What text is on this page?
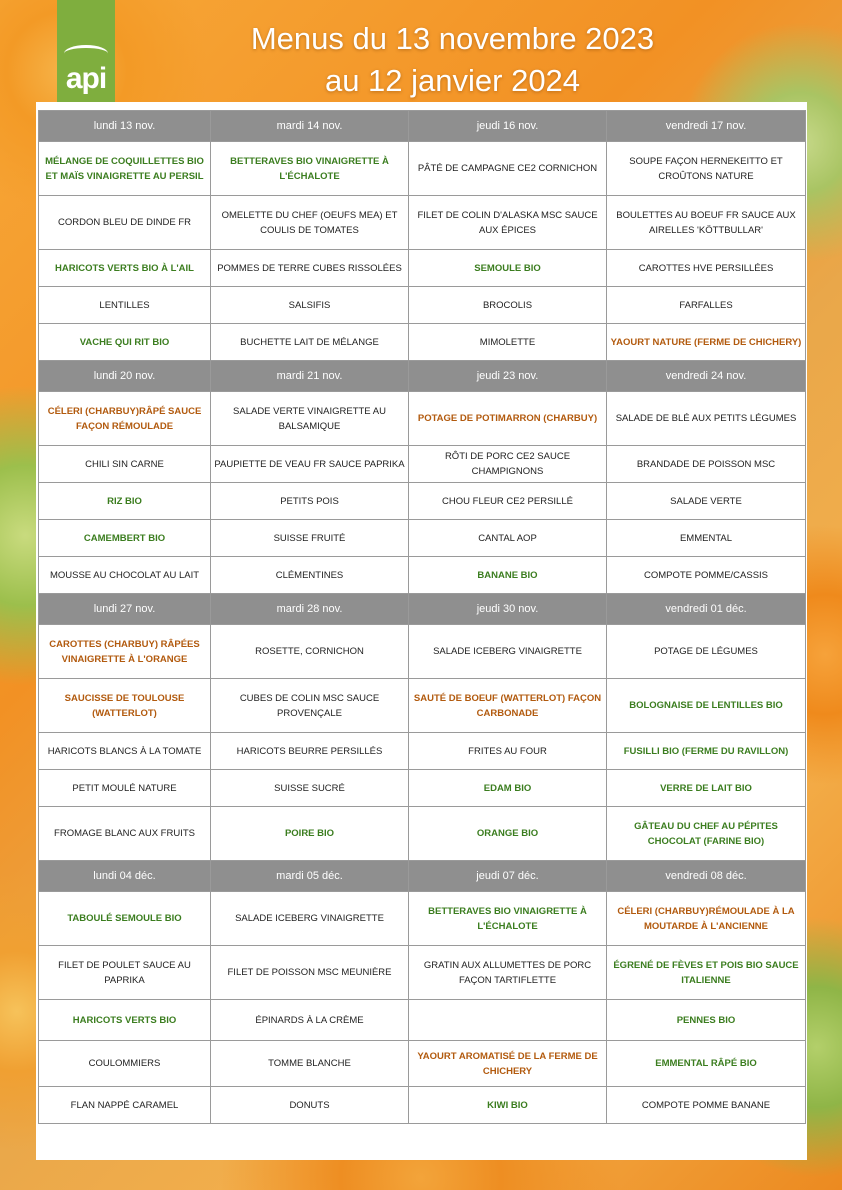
api
Menus du 13 novembre 2023
au 12 janvier 2024
lundi 13 nov.	mardi 14 nov.	jeudi 16 nov.	vendredi 17 nov.
MÉLANGE DE COQUILLETTES BIO ET MAÏS VINAIGRETTE AU PERSIL	BETTERAVES BIO VINAIGRETTE À L'ÉCHALOTE	PÂTÉ DE CAMPAGNE CE2 CORNICHON	SOUPE FAÇON HERNEKEITTO ET CROÛTONS NATURE
CORDON BLEU DE DINDE FR	OMELETTE DU CHEF (OEUFS MEA) ET COULIS DE TOMATES	FILET DE COLIN D'ALASKA MSC SAUCE AUX ÉPICES	BOULETTES AU BOEUF FR SAUCE AUX AIRELLES 'KÖTTBULLAR'
HARICOTS VERTS BIO À L'AIL	POMMES DE TERRE CUBES RISSOLÉES	SEMOULE BIO	CAROTTES HVE PERSILLÉES
LENTILLES	SALSIFIS	BROCOLIS	FARFALLES
VACHE QUI RIT BIO	BUCHETTE LAIT DE MÉLANGE	MIMOLETTE	YAOURT NATURE (FERME DE CHICHERY)
lundi 20 nov.	mardi 21 nov.	jeudi 23 nov.	vendredi 24 nov.
CÉLERI (CHARBUY)RÂPÉ SAUCE FAÇON RÉMOULADE	SALADE VERTE VINAIGRETTE AU BALSAMIQUE	POTAGE DE POTIMARRON (CHARBUY)	SALADE DE BLÉ AUX PETITS LÉGUMES
CHILI SIN CARNE	PAUPIETTE DE VEAU FR SAUCE PAPRIKA	RÔTI DE PORC CE2 SAUCE CHAMPIGNONS	BRANDADE DE POISSON MSC
RIZ BIO	PETITS POIS	CHOU FLEUR CE2 PERSILLÉ	SALADE VERTE
CAMEMBERT BIO	SUISSE FRUITÉ	CANTAL AOP	EMMENTAL
MOUSSE AU CHOCOLAT AU LAIT	CLÉMENTINES	BANANE BIO	COMPOTE POMME/CASSIS
lundi 27 nov.	mardi 28 nov.	jeudi 30 nov.	vendredi 01 déc.
CAROTTES (CHARBUY) RÂPÉES VINAIGRETTE À L'ORANGE	ROSETTE, CORNICHON	SALADE ICEBERG VINAIGRETTE	POTAGE DE LÉGUMES
SAUCISSE DE TOULOUSE (WATTERLOT)	CUBES DE COLIN MSC SAUCE PROVENÇALE	SAUTÉ DE BOEUF (WATTERLOT) FAÇON CARBONADE	BOLOGNAISE DE LENTILLES BIO
HARICOTS BLANCS À LA TOMATE	HARICOTS BEURRE PERSILLÉS	FRITES AU FOUR	FUSILLI BIO (FERME DU RAVILLON)
PETIT MOULÉ NATURE	SUISSE SUCRÉ	EDAM BIO	VERRE DE LAIT BIO
FROMAGE BLANC AUX FRUITS	POIRE BIO	ORANGE BIO	GÂTEAU DU CHEF AU PÉPITES CHOCOLAT (FARINE BIO)
lundi 04 déc.	mardi 05 déc.	jeudi 07 déc.	vendredi 08 déc.
TABOULÉ SEMOULE BIO	SALADE ICEBERG VINAIGRETTE	BETTERAVES BIO VINAIGRETTE À L'ÉCHALOTE	CÉLERI (CHARBUY)RÉMOULADE À LA MOUTARDE À L'ANCIENNE
FILET DE POULET SAUCE AU PAPRIKA	FILET DE POISSON MSC MEUNIÈRE	GRATIN AUX ALLUMETTES DE PORC FAÇON TARTIFLETTE	ÉGRENÉ DE FÈVES ET POIS BIO SAUCE ITALIENNE
HARICOTS VERTS BIO	ÉPINARDS À LA CRÈME		PENNES BIO
COULOMMIERS	TOMME BLANCHE	YAOURT AROMATISÉ DE LA FERME DE CHICHERY	EMMENTAL RÂPÉ BIO
FLAN NAPPÉ CARAMEL	DONUTS	KIWI BIO	COMPOTE POMME BANANE
